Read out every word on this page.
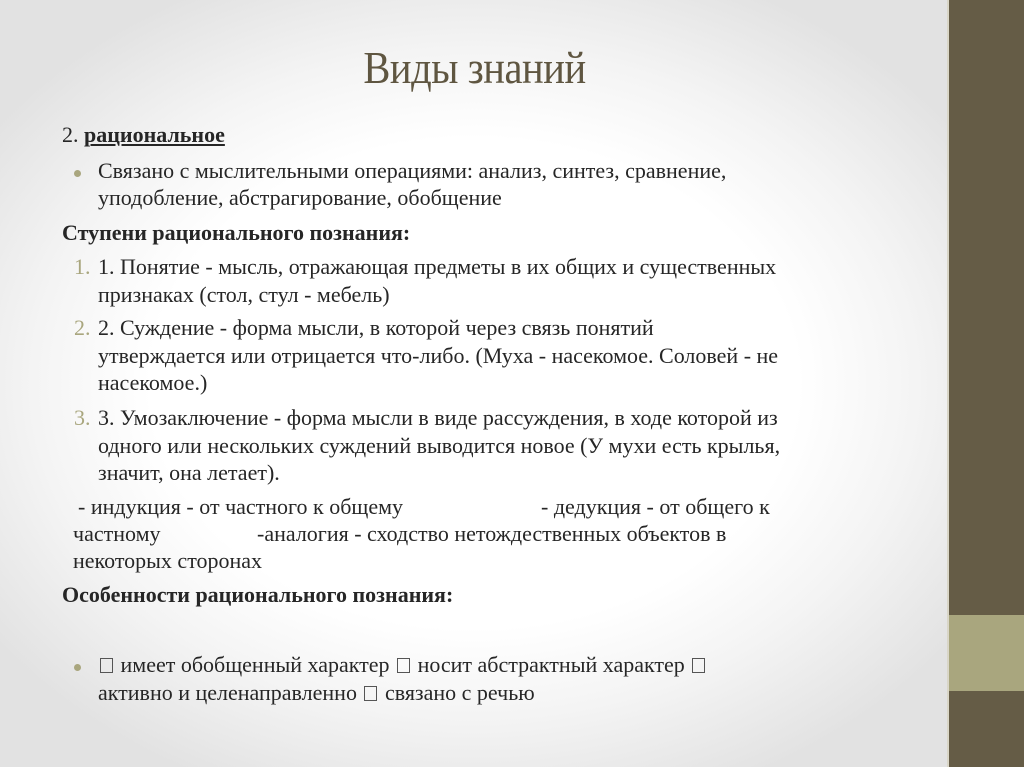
Виды знаний
2. рациональное
Связано с мыслительными операциями: анализ, синтез, сравнение,
уподобление, абстрагирование, обобщение
Ступени рационального познания:
1. 1. Понятие - мысль, отражающая предметы в их общих и существенных
признаках (стол, стул - мебель)
2. 2. Суждение - форма мысли, в которой через связь понятий
утверждается или отрицается что-либо. (Муха - насекомое. Соловей - не
насекомое.)
3. 3. Умозаключение - форма мысли в виде рассуждения, в ходе которой из
одного или нескольких суждений выводится новое (У мухи есть крылья,
значит, она летает).
- индукция - от частного к общему	- дедукция - от общего к
частному	-аналогия - сходство нетождественных объектов в
некоторых сторонах
Особенности рационального познания:
имеет обобщенный характер носит абстрактный характер
активно и целенаправленно связано с речью
